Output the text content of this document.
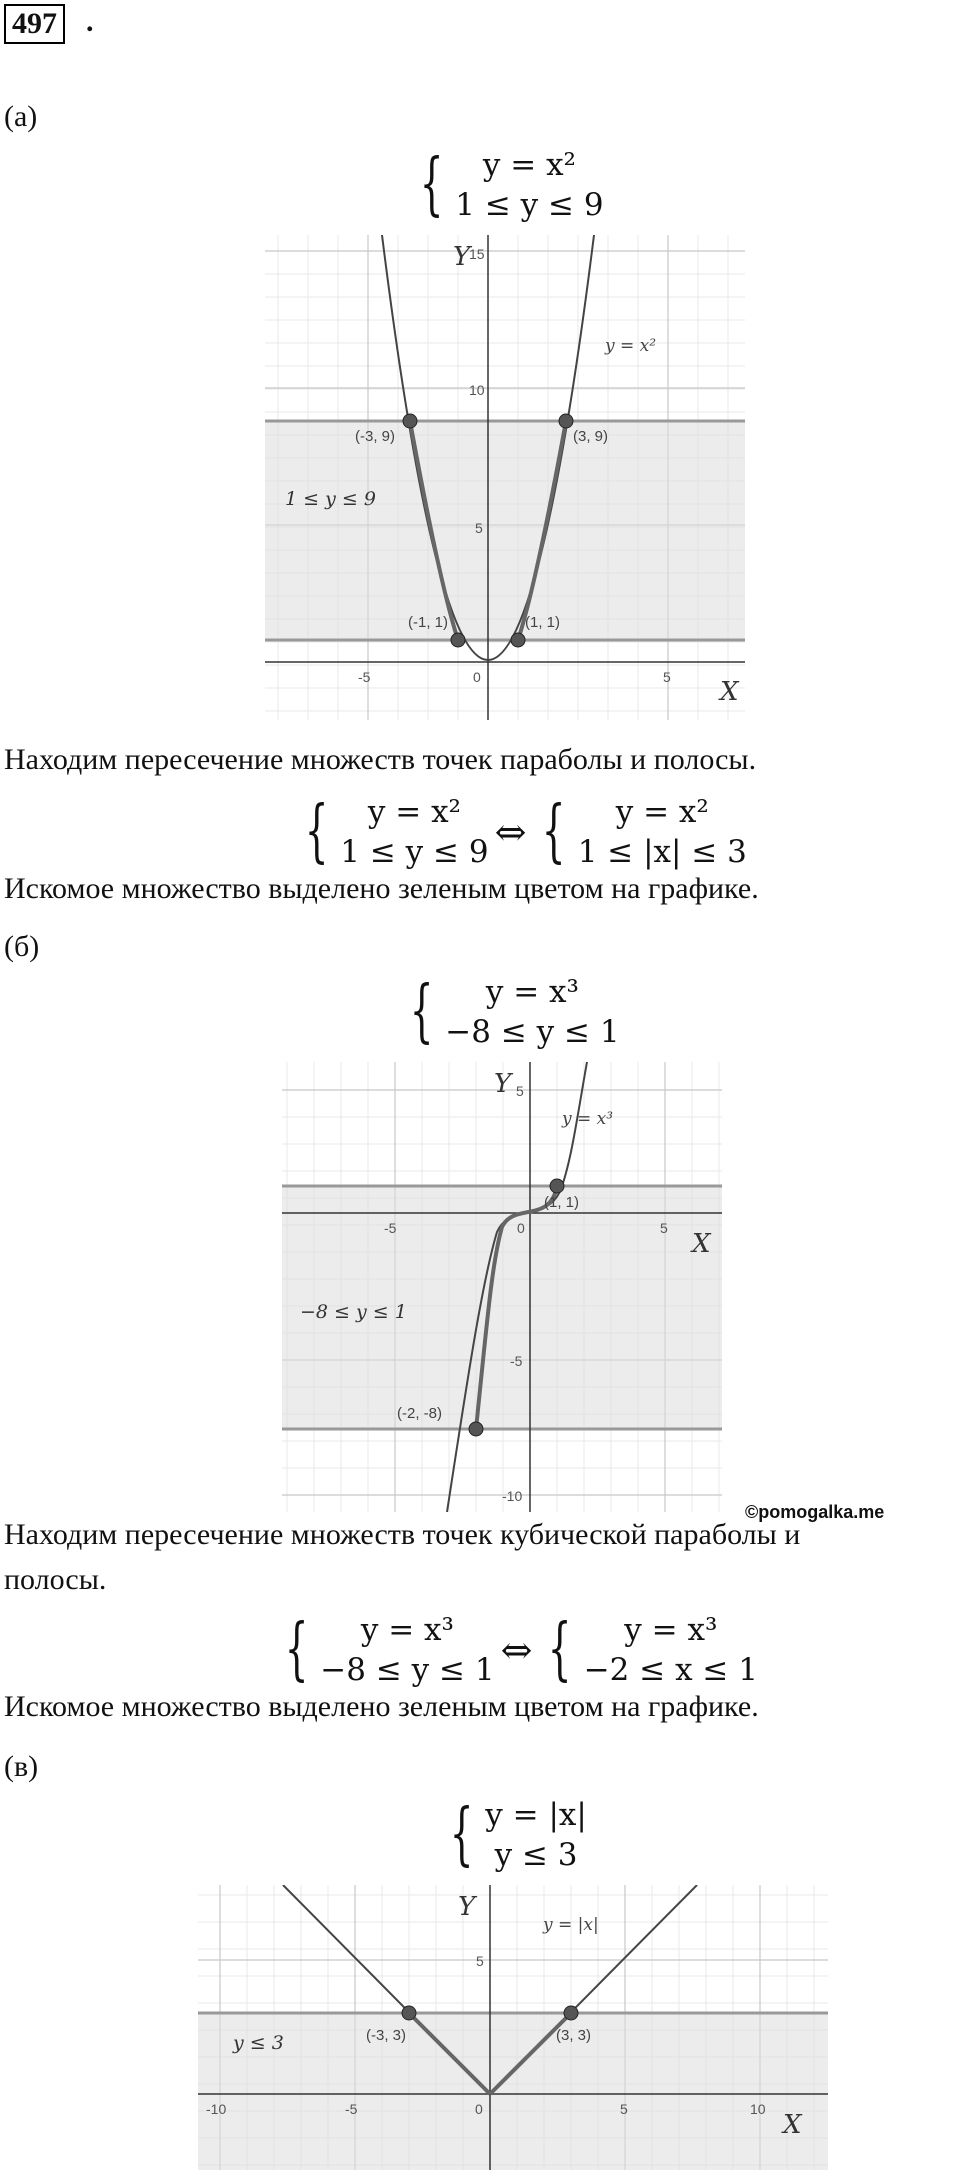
497 .
(а)
{	y = x²
1 ≤ y ≤ 9
(-3, 9)	(3, 9)
(-1, 1)	(1, 1)
y = x²
1 ≤ y ≤ 9
Y
X
-5	0	5
5
10
15
Находим пересечение множеств точек параболы и полосы.
{	y = x²
1 ≤ y ≤ 9 ⇔ {	y = x²
1 ≤ |x| ≤ 3
Искомое множество выделено зеленым цветом на графике.
(б)
{	y = x³
−8 ≤ y ≤ 1
(1, 1)
(-2, -8)
y = x³
−8 ≤ y ≤ 1
Y
X
-5	0	5
5
-5
-10
©pomogalka.me
Находим пересечение множеств точек кубической параболы и
полосы.
{	y = x³
−8 ≤ y ≤ 1 ⇔ {	y = x³
−2 ≤ x ≤ 1
Искомое множество выделено зеленым цветом на графике.
(в)
{ y = |x|
y ≤ 3
(-3, 3)	(3, 3)
y = |x|
y ≤ 3
Y
X
-10	-5	0	5	10
5
